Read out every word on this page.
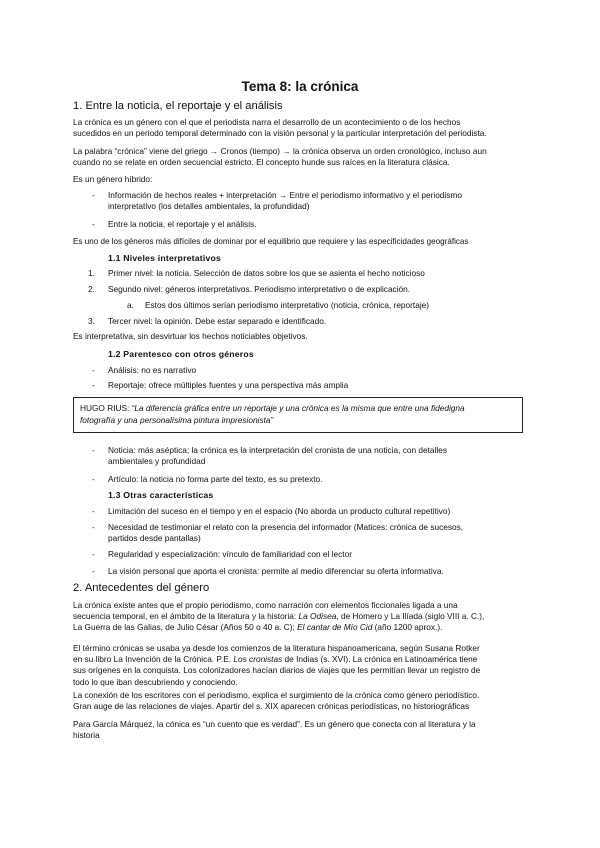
Tema 8: la crónica
1. Entre la noticia, el reportaje y el análisis

La crónica es un género con el que el periodista narra el desarrollo de un acontecimiento o de los hechos
sucedidos en un periodo temporal determinado con la visión personal y la particular interpretación del periodista.

La palabra “crónica” viene del griego → Cronos (tiempo) → la crónica observa un orden cronológico, incluso aun
cuando no se relate en orden secuencial estricto. El concepto hunde sus raíces en la literatura clásica.

Es un género híbrido:

- Información de hechos reales + interpretación → Entre el periodismo informativo y el periodismo
interpretativo (los detalles ambientales, la profundidad)

- Entre la noticia, el reportaje y el análisis.

Es uno de los géneros más difíciles de dominar por el equilibrio que requiere y las especificidades geográficas

1.1 Niveles interpretativos
1. Primer nivel: la noticia. Selección de datos sobre los que se asienta el hecho noticioso

2. Segundo nivel: géneros interpretativos. Periodismo interpretativo o de explicación.

a. Estos dos últimos serían periodismo interpretativo (noticia, crónica, reportaje)

3. Tercer nivel: la opinión. Debe estar separado e identificado.

Es interpretativa, sin desvirtuar los hechos noticiables objetivos.

1.2 Parentesco con otros géneros
- Análisis: no es narrativo

- Reportaje: ofrece múltiples fuentes y una perspectiva más amplia

HUGO RIUS: “La diferencia gráfica entre un reportaje y una crónica es la misma que entre una fidedigna
fotografía y una personalísima pintura impresionista”
- Noticia: más aséptica; la crónica es la interpretación del cronista de una noticia, con detalles
ambientales y profundidad

- Artículo: la noticia no forma parte del texto, es su pretexto.

1.3 Otras características
- Limitación del suceso en el tiempo y en el espacio (No aborda un producto cultural repetitivo)

- Necesidad de testimoniar el relato con la presencia del informador (Matices: crónica de sucesos,
partidos desde pantallas)

- Regularidad y especialización: vínculo de familiaridad con el lector

- La visión personal que aporta el cronista: permite al medio diferenciar su oferta informativa.

2. Antecedentes del género

La crónica existe antes que el propio periodismo, como narración con elementos ficcionales ligada a una
secuencia temporal, en el ámbito de la literatura y la historia: La Odisea, de Homero y La Ilíada (siglo VIII a. C.),
La Guerra de las Galias, de Julio César (Años 50 o 40 a. C); El cantar de Mío Cid (año 1200 aprox.).

El término crónicas se usaba ya desde los comienzos de la literatura hispanoamericana, según Susana Rotker
en su libro La Invención de la Crónica. P.E. Los cronistas de Indias (s. XVI). La crónica en Latinoamérica tiene
sus orígenes en la conquista. Los colonizadores hacían diarios de viajes que les permitían llevar un registro de
todo lo que iban descubriendo y conociendo.

La conexión de los escritores con el periodismo, explica el surgimiento de la crónica como género periodístico.
Gran auge de las relaciones de viajes. Apartir del s. XIX aparecen crónicas periodísticas, no historiográficas

Para García Márquez, la cónica es “un cuento que es verdad”. Es un género que conecta con al literatura y la
historia
